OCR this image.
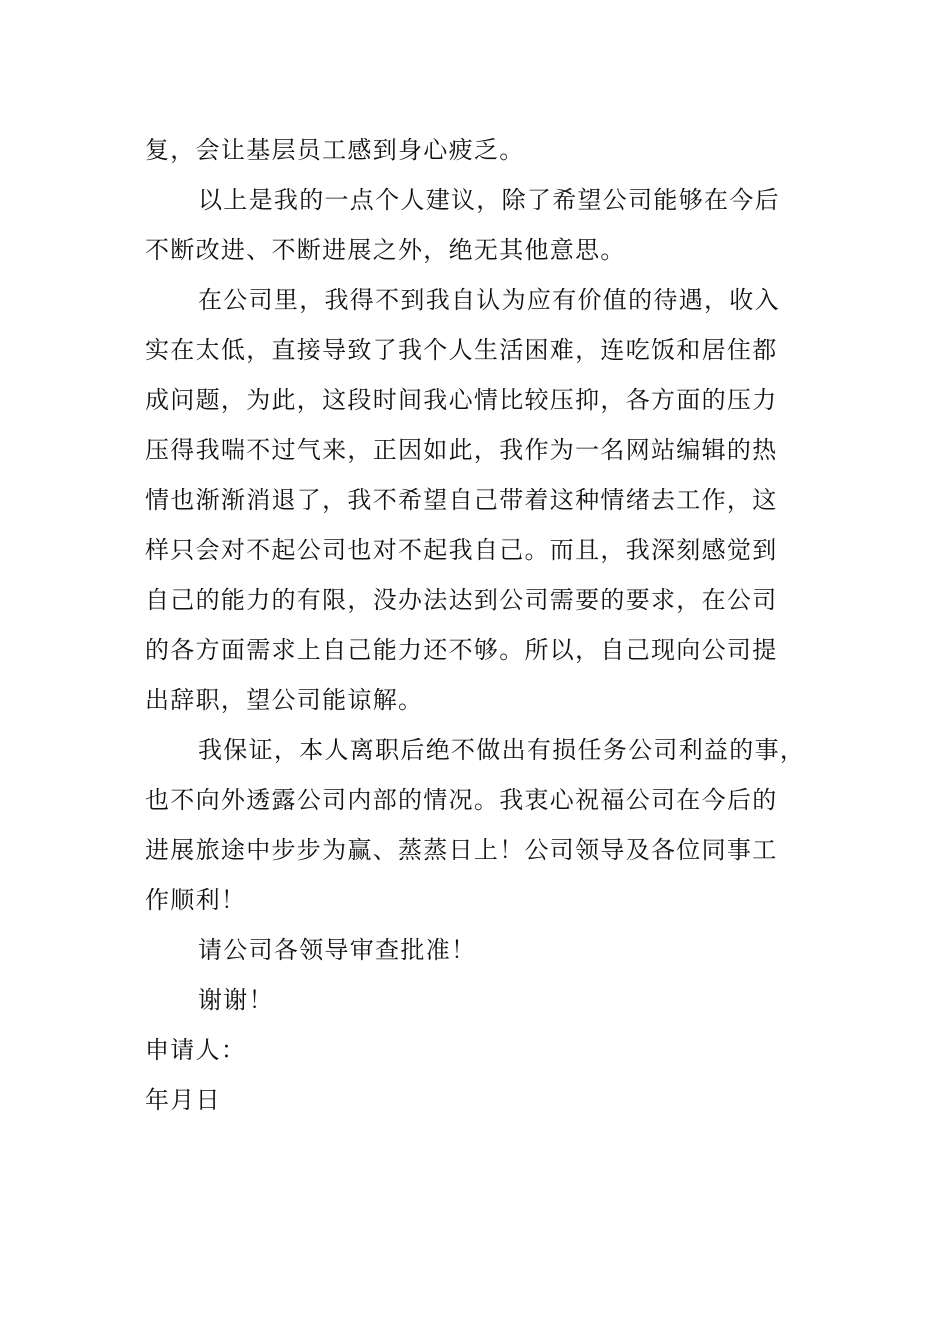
复，会让基层员工感到身心疲乏。
以上是我的一点个人建议，除了希望公司能够在今后
不断改进、不断进展之外，绝无其他意思。
在公司里，我得不到我自认为应有价值的待遇，收入
实在太低，直接导致了我个人生活困难，连吃饭和居住都
成问题，为此，这段时间我心情比较压抑，各方面的压力
压得我喘不过气来，正因如此，我作为一名网站编辑的热
情也渐渐消退了，我不希望自己带着这种情绪去工作，这
样只会对不起公司也对不起我自己。而且，我深刻感觉到
自己的能力的有限，没办法达到公司需要的要求，在公司
的各方面需求上自己能力还不够。所以，自己现向公司提
出辞职，望公司能谅解。
我保证，本人离职后绝不做出有损任务公司利益的事，
也不向外透露公司内部的情况。我衷心祝福公司在今后的
进展旅途中步步为赢、蒸蒸日上！公司领导及各位同事工
作顺利！
请公司各领导审查批准！
谢谢！
申请人：
年月日
